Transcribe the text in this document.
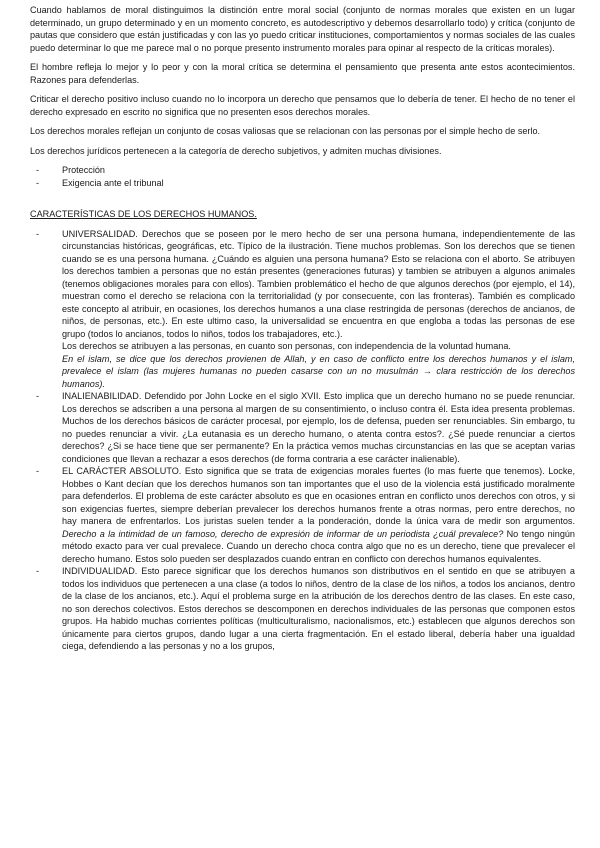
Cuando hablamos de moral distinguimos la distinción entre moral social (conjunto de normas morales que existen en un lugar determinado, un grupo determinado y en un momento concreto, es autodescriptivo y debemos desarrollarlo todo) y crítica (conjunto de pautas que considero que están justificadas y con las yo puedo criticar instituciones, comportamientos y normas sociales de las cuales puedo determinar lo que me parece mal o no porque presento instrumento morales para opinar al respecto de la críticas morales).

El hombre refleja lo mejor y lo peor y con la moral crítica se determina el pensamiento que presenta ante estos acontecimientos. Razones para defenderlas.

Criticar el derecho positivo incluso cuando no lo incorpora un derecho que pensamos que lo debería de tener. El hecho de no tener el derecho expresado en escrito no significa que no presenten esos derechos morales.

Los derechos morales reflejan un conjunto de cosas valiosas que se relacionan con las personas por el simple hecho de serlo.

Los derechos jurídicos pertenecen a la categoría de derecho subjetivos, y admiten muchas divisiones.

- Protección
- Exigencia ante el tribunal
CARACTERÍSTICAS DE LOS DERECHOS HUMANOS.

- UNIVERSALIDAD. Derechos que se poseen por le mero hecho de ser una persona humana, independientemente de las circunstancias históricas, geográficas, etc. Típico de la ilustración. Tiene muchos problemas. Son los derechos que se tienen cuando se es una persona humana. ¿Cuándo es alguien una persona humana? Esto se relaciona con el aborto. Se atribuyen los derechos tambien a personas que no están presentes (generaciones futuras) y tambien se atribuyen a algunos animales (tenemos obligaciones morales para con ellos). Tambien problemático el hecho de que algunos derechos (por ejemplo, el 14), muestran como el derecho se relaciona con la territorialidad (y por consecuente, con las fronteras). También es complicado este concepto al atribuir, en ocasiones, los derechos humanos a una clase restringida de personas (derechos de ancianos, de niños, de personas, etc.). En este ultimo caso, la universalidad se encuentra en que engloba a todas las personas de ese grupo (todos lo ancianos, todos lo niños, todos los trabajadores, etc.).

Los derechos se atribuyen a las personas, en cuanto son personas, con independencia de la voluntad humana.

En el islam, se dice que los derechos provienen de Allah, y en caso de conflicto entre los derechos humanos y el islam, prevalece el islam (las mujeres humanas no pueden casarse con un no musulmán → clara restricción de los derechos humanos).

- INALIENABILIDAD. Defendido por John Locke en el siglo XVII. Esto implica que un derecho humano no se puede renunciar. Los derechos se adscriben a una persona al margen de su consentimiento, o incluso contra él. Esta idea presenta problemas. Muchos de los derechos básicos de carácter procesal, por ejemplo, los de defensa, pueden ser renunciables. Sin embargo, tu no puedes renunciar a vivir. ¿La eutanasia es un derecho humano, o atenta contra estos?. ¿Sé puede renunciar a ciertos derechos? ¿Si se hace tiene que ser permanente? En la práctica vemos muchas circunstancias en las que se aceptan varias condiciones que llevan a rechazar a esos derechos (de forma contraria a ese carácter inalienable).

- EL CARÁCTER ABSOLUTO. Esto significa que se trata de exigencias morales fuertes (lo mas fuerte que tenemos). Locke, Hobbes o Kant decían que los derechos humanos son tan importantes que el uso de la violencia está justificado moralmente para defenderlos. El problema de este carácter absoluto es que en ocasiones entran en conflicto unos derechos con otros, y si son exigencias fuertes, siempre deberían prevalecer los derechos humanos frente a otras normas, pero entre derechos, no hay manera de enfrentarlos. Los juristas suelen tender a la ponderación, donde la única vara de medir son argumentos. Derecho a la intimidad de un famoso, derecho de expresión de informar de un periodista ¿cuál prevalece? No tengo ningún método exacto para ver cual prevalece. Cuando un derecho choca contra algo que no es un derecho, tiene que prevalecer el derecho humano. Estos solo pueden ser desplazados cuando entran en conflicto con derechos humanos equivalentes.

- INDIVIDUALIDAD. Esto parece significar que los derechos humanos son distributivos en el sentido en que se atribuyen a todos los individuos que pertenecen a una clase (a todos lo niños, dentro de la clase de los niños, a todos los ancianos, dentro de la clase de los ancianos, etc.). Aquí el problema surge en la atribución de los derechos dentro de las clases. En este caso, no son derechos colectivos. Estos derechos se descomponen en derechos individuales de las personas que componen estos grupos. Ha habido muchas corrientes políticas (multiculturalismo, nacionalismos, etc.) establecen que algunos derechos son únicamente para ciertos grupos, dando lugar a una cierta fragmentación. En el estado liberal, debería haber una igualdad ciega, defendiendo a las personas y no a los grupos,
